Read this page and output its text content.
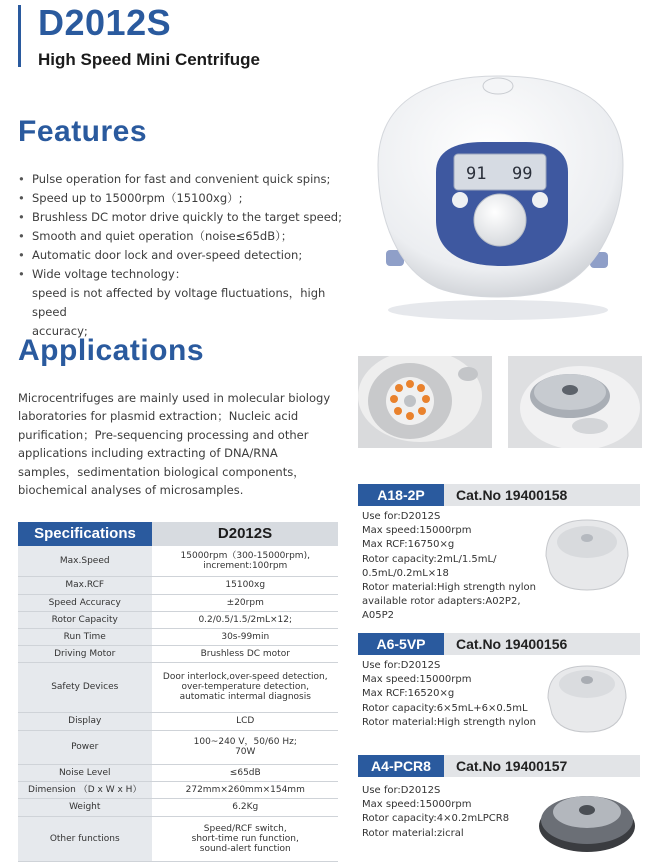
D2012S
High Speed Mini Centrifuge
Features
• Pulse operation for fast and convenient quick spins;
• Speed up to 15000rpm（15100xg）;
• Brushless DC motor drive quickly to the target speed;
• Smooth and quiet operation（noise≤65dB）；
• Automatic door lock and over-speed detection;
• Wide voltage technology：
speed is not affected by voltage fluctuations，high speed
accuracy;
Applications
Microcentrifuges are mainly used in molecular biology laboratories for plasmid extraction；Nucleic acid purification；Pre-sequencing processing and other applications including extracting of DNA/RNA samples，sedimentation biological components，biochemical analyses of microsamples.
Specifications	D2012S
Max.Speed	15000rpm（300-15000rpm),
increment:100rpm

Max.RCF	15100xg
Speed Accuracy	±20rpm
Rotor Capacity	0.2/0.5/1.5/2mL×12;
Run Time	30s-99min
Driving Motor	Brushless DC motor
Safety Devices	Door interlock,over-speed detection,
over-temperature detection,
automatic intermal diagnosis

Display	LCD
Power	100~240 V，50/60 Hz;
70W

Noise Level	≤65dB
Dimension （D x W x H）	272mm×260mm×154mm
Weight	6.2Kg
Other functions	Speed/RCF switch,
short-time run function,
sound-alert function
91 99
A18-2P	Cat.No 19400158
Use for:D2012S
Max speed:15000rpm
Max RCF:16750×g
Rotor capacity:2mL/1.5mL/
0.5mL/0.2mL×18
Rotor material:High strength nylon
available rotor adapters:A02P2, A05P2
A6-5VP	Cat.No 19400156
Use for:D2012S
Max speed:15000rpm
Max RCF:16520×g
Rotor capacity:6×5mL+6×0.5mL
Rotor material:High strength nylon
A4-PCR8	Cat.No 19400157
Use for:D2012S
Max speed:15000rpm
Rotor capacity:4×0.2mLPCR8
Rotor material:zicral
